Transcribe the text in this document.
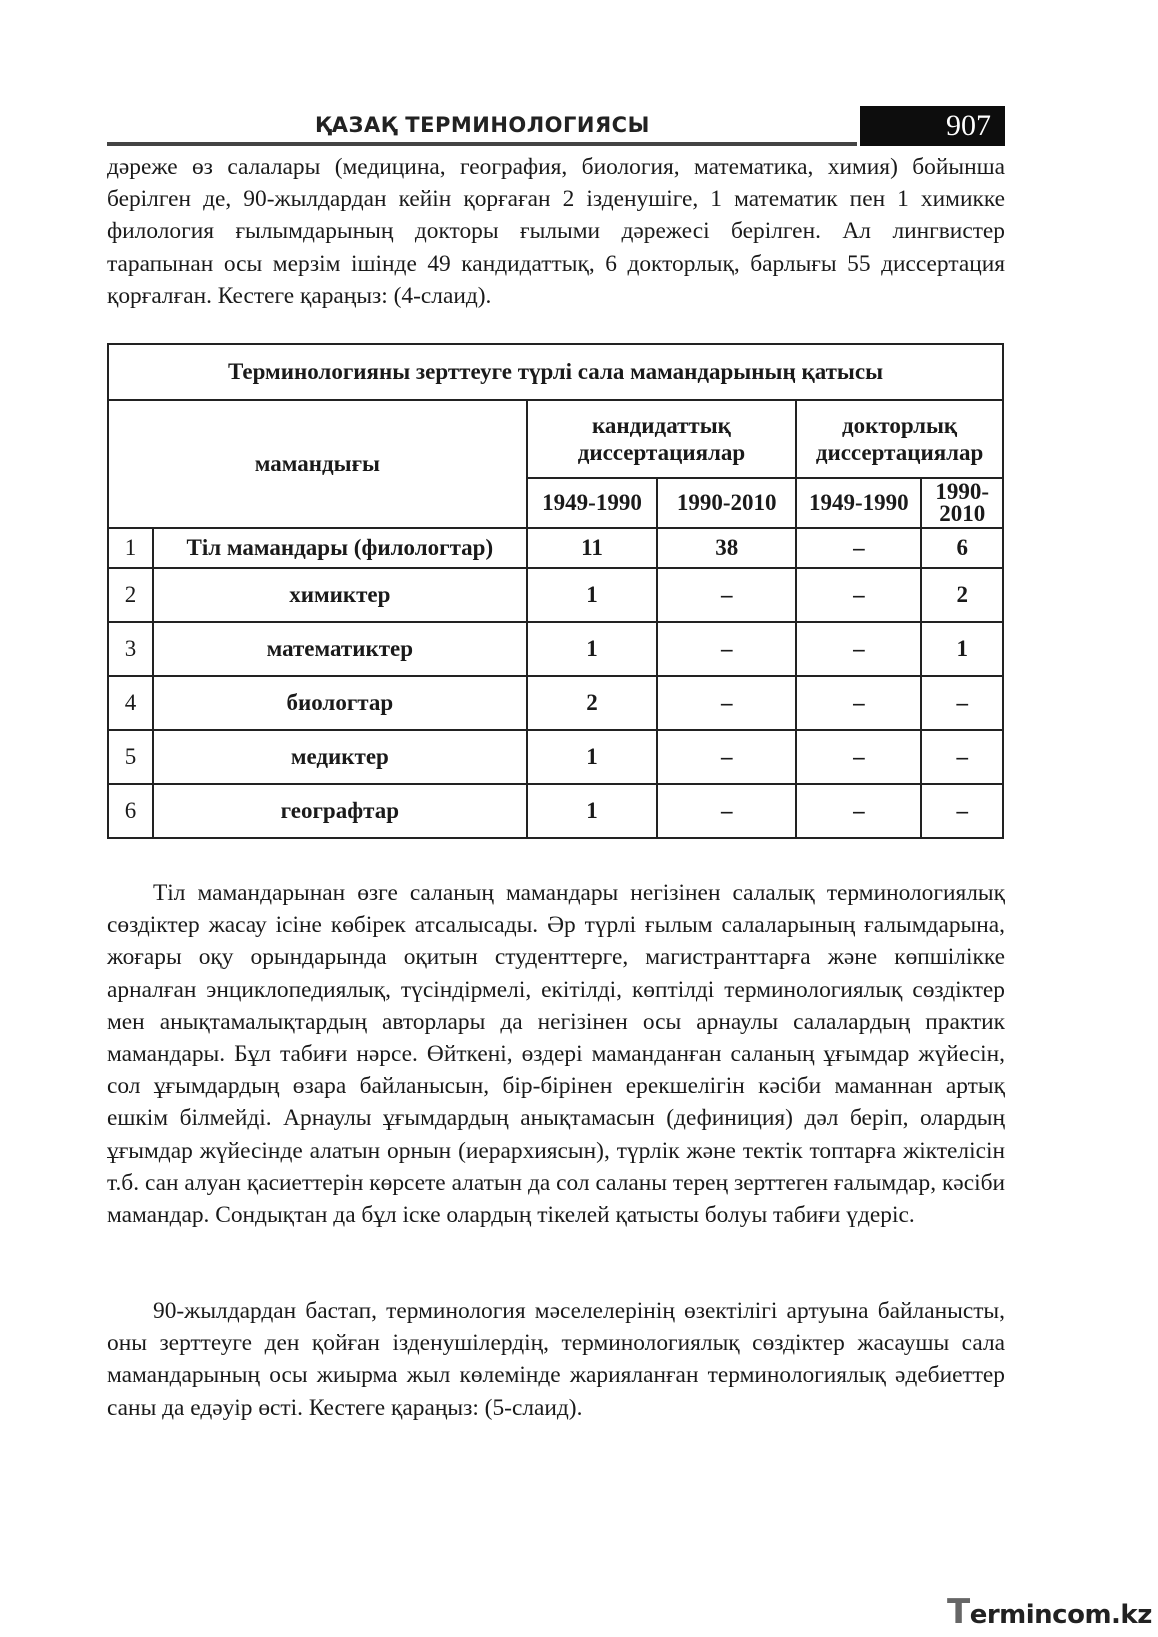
ҚАЗАҚ ТЕРМИНОЛОГИЯСЫ	907

дәреже өз салалары (медицина, география, биология, математика, химия) бойынша берілген де, 90-жылдардан кейін қорғаған 2 ізденушіге, 1 математик пен 1 химикке филология ғылымдарының докторы ғылыми дәрежесі берілген. Ал лингвистер тарапынан осы мерзім ішінде 49 кандидаттық, 6 докторлық, барлығы 55 диссертация қорғалған. Кестеге қараңыз: (4-слаид).

Терминологияны зерттеуге түрлі сала мамандарының қатысы					
мамандығы		кандидаттық диссертациялар		докторлық диссертациялар	
		1949-1990	1990-2010	1949-1990	1990-2010
1	Тіл мамандары (филологтар)	11	38	–	6
2	химиктер	1	–	–	2
3	математиктер	1	–	–	1
4	биологтар	2	–	–	–
5	медиктер	1	–	–	–
6	географтар	1	–	–	–

Тіл мамандарынан өзге саланың мамандары негізінен салалық терминологиялық сөздіктер жасау ісіне көбірек атсалысады. Әр түрлі ғылым салаларының ғалымдарына, жоғары оқу орындарында оқитын студенттерге, магистранттарға және көпшілікке арналған энциклопедиялық, түсіндірмелі, екітілді, көптілді терминологиялық сөздіктер мен анықтамалықтардың авторлары да негізінен осы арнаулы салалардың практик мамандары. Бұл табиғи нәрсе. Өйткені, өздері маманданған саланың ұғымдар жүйесін, сол ұғымдардың өзара байланысын, бір-бірінен ерекшелігін кәсіби маманнан артық ешкім білмейді. Арнаулы ұғымдардың анықтамасын (дефиниция) дәл беріп, олардың ұғымдар жүйесінде алатын орнын (иерархиясын), түрлік және тектік топтарға жіктелісін т.б. сан алуан қасиеттерін көрсете алатын да сол саланы терең зерттеген ғалымдар, кәсіби мамандар. Сондықтан да бұл іске олардың тікелей қатысты болуы табиғи үдеріс.

90-жылдардан бастап, терминология мәселелерінің өзектілігі артуына байланысты, оны зерттеуге ден қойған ізденушілердің, терминологиялық сөздіктер жасаушы сала мамандарының осы жиырма жыл көлемінде жарияланған терминологиялық әдебиеттер саны да едәуір өсті. Кестеге қараңыз: (5-слаид).

Termincom.kz
